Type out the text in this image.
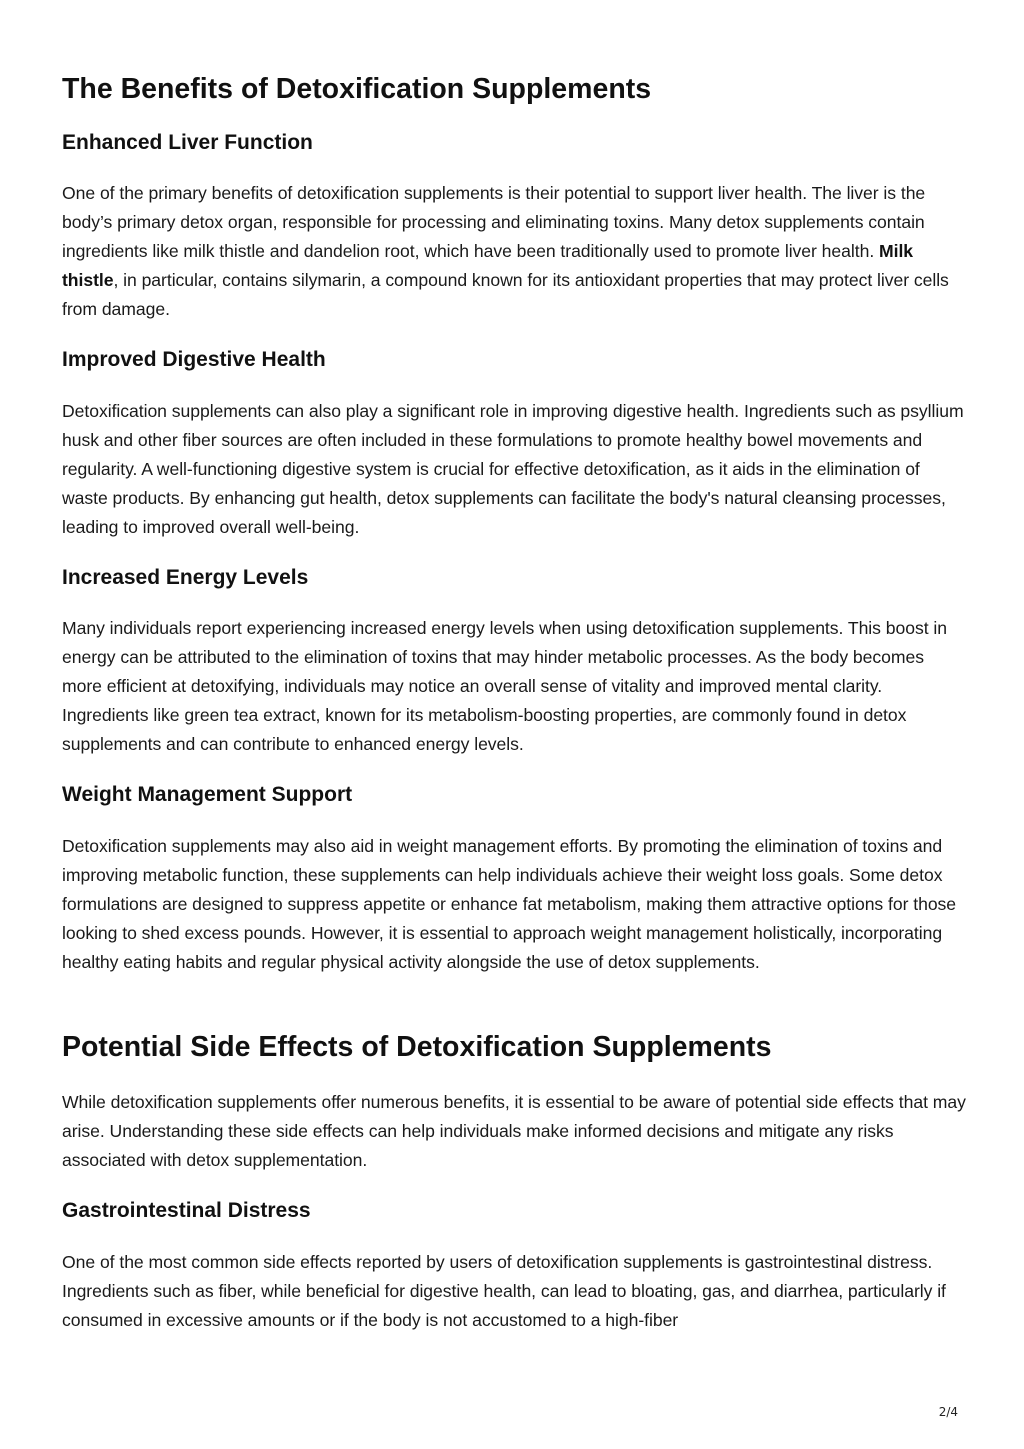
The Benefits of Detoxification Supplements
Enhanced Liver Function

One of the primary benefits of detoxification supplements is their potential to support liver health. The liver is the body’s primary detox organ, responsible for processing and eliminating toxins. Many detox supplements contain ingredients like milk thistle and dandelion root, which have been traditionally used to promote liver health. Milk thistle, in particular, contains silymarin, a compound known for its antioxidant properties that may protect liver cells from damage.

Improved Digestive Health

Detoxification supplements can also play a significant role in improving digestive health. Ingredients such as psyllium husk and other fiber sources are often included in these formulations to promote healthy bowel movements and regularity. A well-functioning digestive system is crucial for effective detoxification, as it aids in the elimination of waste products. By enhancing gut health, detox supplements can facilitate the body's natural cleansing processes, leading to improved overall well-being.

Increased Energy Levels

Many individuals report experiencing increased energy levels when using detoxification supplements. This boost in energy can be attributed to the elimination of toxins that may hinder metabolic processes. As the body becomes more efficient at detoxifying, individuals may notice an overall sense of vitality and improved mental clarity. Ingredients like green tea extract, known for its metabolism-boosting properties, are commonly found in detox supplements and can contribute to enhanced energy levels.

Weight Management Support

Detoxification supplements may also aid in weight management efforts. By promoting the elimination of toxins and improving metabolic function, these supplements can help individuals achieve their weight loss goals. Some detox formulations are designed to suppress appetite or enhance fat metabolism, making them attractive options for those looking to shed excess pounds. However, it is essential to approach weight management holistically, incorporating healthy eating habits and regular physical activity alongside the use of detox supplements.

Potential Side Effects of Detoxification Supplements

While detoxification supplements offer numerous benefits, it is essential to be aware of potential side effects that may arise. Understanding these side effects can help individuals make informed decisions and mitigate any risks associated with detox supplementation.

Gastrointestinal Distress

One of the most common side effects reported by users of detoxification supplements is gastrointestinal distress. Ingredients such as fiber, while beneficial for digestive health, can lead to bloating, gas, and diarrhea, particularly if consumed in excessive amounts or if the body is not accustomed to a high-fiber

2/4
